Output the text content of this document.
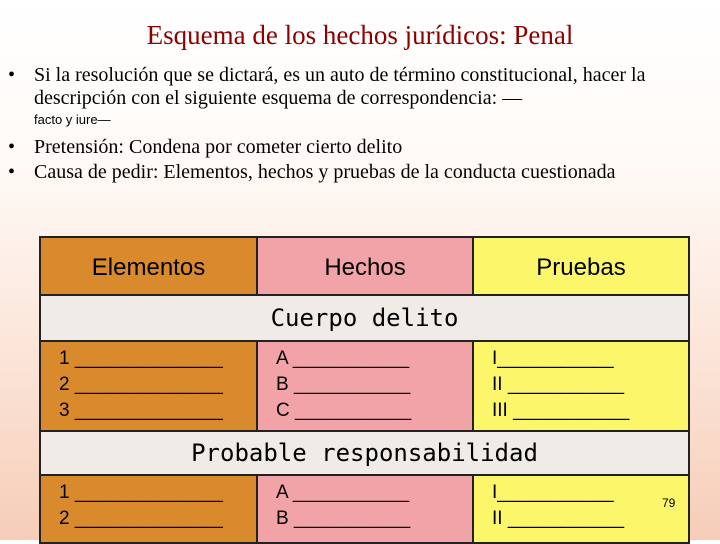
Esquema de los hechos jurídicos: Penal
• Si la resolución que se dictará, es un auto de término constitucional, hacer la descripción con el siguiente esquema de correspondencia: —
facto y iure—
• Pretensión: Condena por cometer cierto delito
• Causa de pedir: Elementos, hechos y pruebas de la conducta cuestionada
Elementos	Hechos	Pruebas
Cuerpo delito
1 ______________
2 ______________
3 ______________
A ___________
B ___________
C ___________
I___________
II ___________
III ___________
Probable responsabilidad
1 ______________
2 ______________
A ___________
B ___________
I___________
II ___________
79
